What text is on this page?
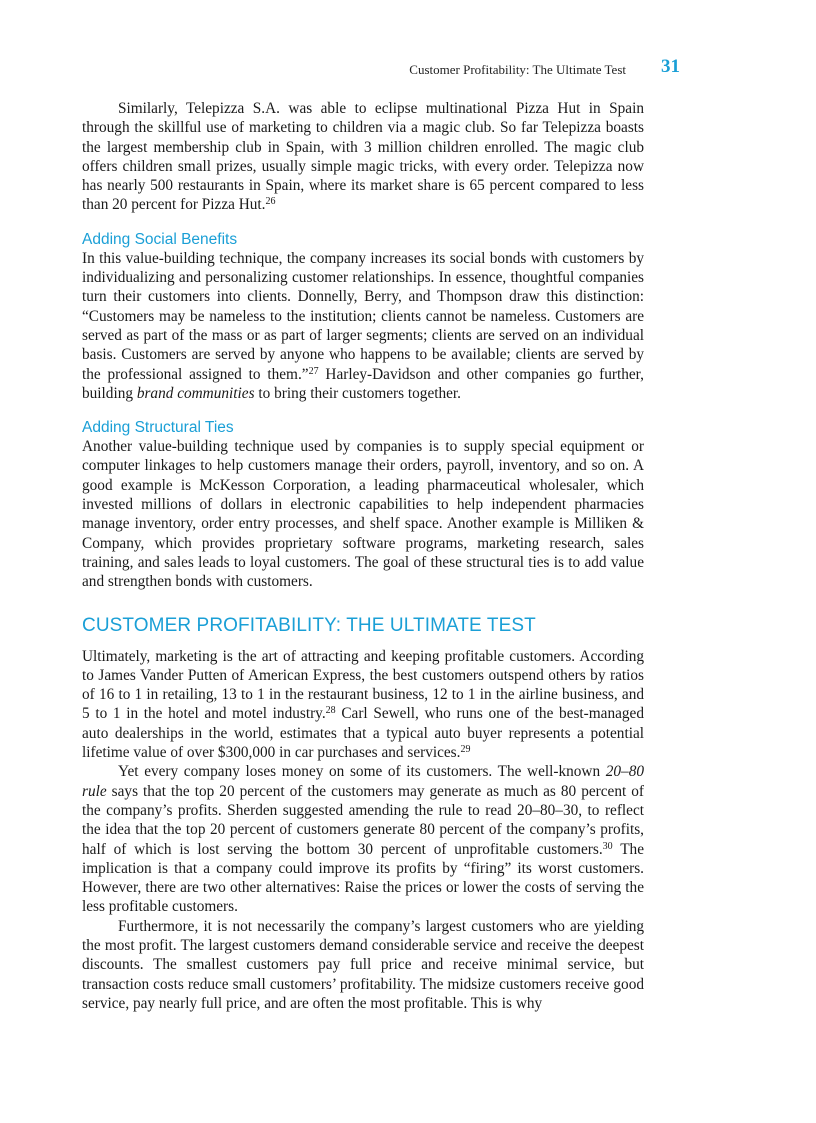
Customer Profitability: The Ultimate Test 31

Similarly, Telepizza S.A. was able to eclipse multinational Pizza Hut in Spain through the skillful use of marketing to children via a magic club. So far Telepizza boasts the largest membership club in Spain, with 3 million children enrolled. The magic club offers children small prizes, usually simple magic tricks, with every order. Telepizza now has nearly 500 restaurants in Spain, where its market share is 65 percent compared to less than 20 percent for Pizza Hut.$^{26}$

Adding Social Benefits

In this value-building technique, the company increases its social bonds with customers by individualizing and personalizing customer relationships. In essence, thoughtful companies turn their customers into clients. Donnelly, Berry, and Thompson draw this distinction: “Customers may be nameless to the institution; clients cannot be nameless. Customers are served as part of the mass or as part of larger segments; clients are served on an individual basis. Customers are served by anyone who happens to be available; clients are served by the professional assigned to them.”$^{27}$ Harley-Davidson and other companies go further, building brand communities to bring their customers together.

Adding Structural Ties

Another value-building technique used by companies is to supply special equipment or computer linkages to help customers manage their orders, payroll, inventory, and so on. A good example is McKesson Corporation, a leading pharmaceutical wholesaler, which invested millions of dollars in electronic capabilities to help independent pharmacies manage inventory, order entry processes, and shelf space. Another example is Milliken & Company, which provides proprietary software programs, marketing research, sales training, and sales leads to loyal customers. The goal of these structural ties is to add value and strengthen bonds with customers.

CUSTOMER PROFITABILITY: THE ULTIMATE TEST

Ultimately, marketing is the art of attracting and keeping profitable customers. According to James Vander Putten of American Express, the best customers outspend others by ratios of 16 to 1 in retailing, 13 to 1 in the restaurant business, 12 to 1 in the airline business, and 5 to 1 in the hotel and motel industry.$^{28}$ Carl Sewell, who runs one of the best-managed auto dealerships in the world, estimates that a typical auto buyer represents a potential lifetime value of over $300,000 in car purchases and services.$^{29}$

Yet every company loses money on some of its customers. The well-known 20–80 rule says that the top 20 percent of the customers may generate as much as 80 percent of the company’s profits. Sherden suggested amending the rule to read 20–80–30, to reflect the idea that the top 20 percent of customers generate 80 percent of the company’s profits, half of which is lost serving the bottom 30 percent of unprofitable customers.$^{30}$ The implication is that a company could improve its profits by “firing” its worst customers. However, there are two other alternatives: Raise the prices or lower the costs of serving the less profitable customers.

Furthermore, it is not necessarily the company’s largest customers who are yielding the most profit. The largest customers demand considerable service and receive the deepest discounts. The smallest customers pay full price and receive minimal service, but transaction costs reduce small customers’ profitability. The midsize customers receive good service, pay nearly full price, and are often the most profitable. This is why
